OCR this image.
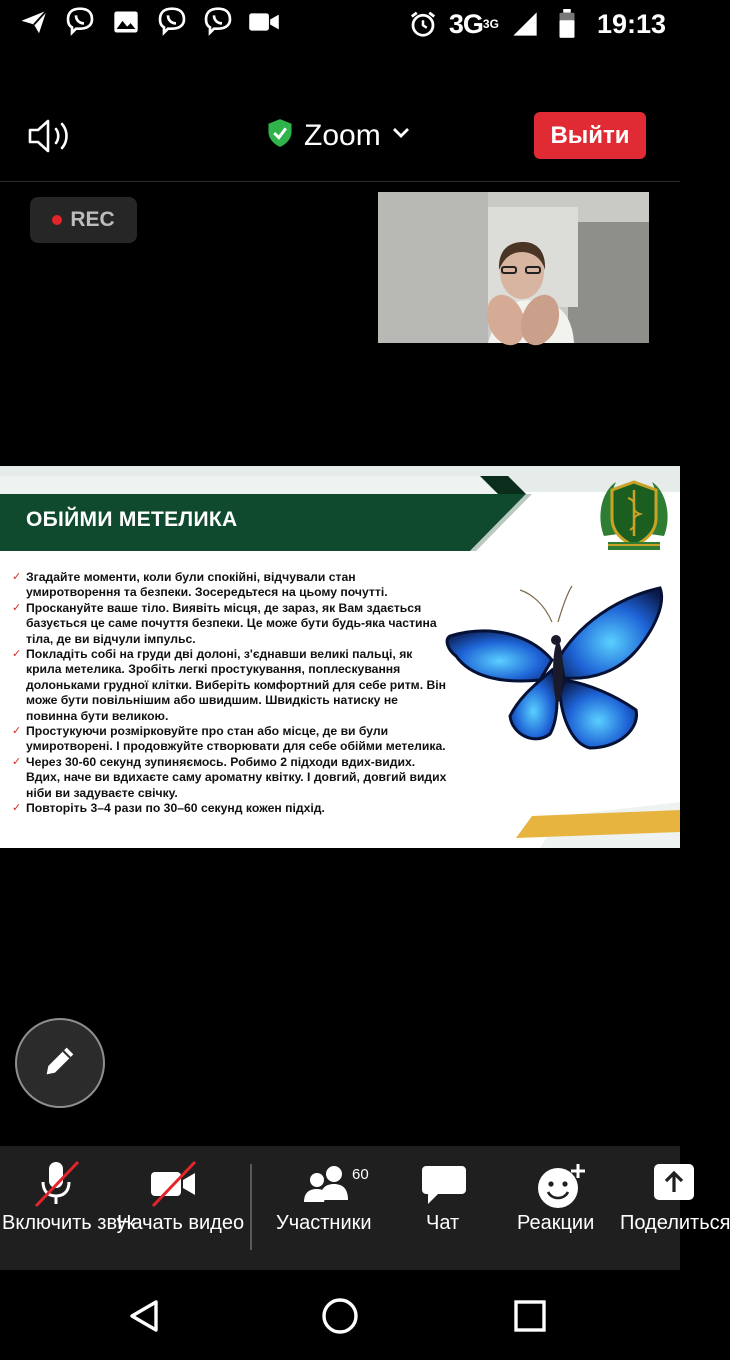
3G 3G	19:13
Zoom	Выйти
REC
ОБІЙМИ МЕТЕЛИКА
✓ Згадайте моменти, коли були спокійні, відчували стан умиротворення та безпеки. Зосередьтеся на цьому почутті.
✓ Проскануйте ваше тіло. Виявіть місця, де зараз, як Вам здається базується це саме почуття безпеки. Це може бути будь-яка частина тіла, де ви відчули імпульс.
✓ Покладіть собі на груди дві долоні, з'єднавши великі пальці, як крила метелика. Зробіть легкі простукування, поплескування долоньками грудної клітки. Виберіть комфортний для себе ритм. Він може бути повільнішим або швидшим. Швидкість натиску не повинна бути великою.
✓ Простукуючи розмірковуйте про стан або місце, де ви були умиротворені. І продовжуйте створювати для себе обійми метелика.
✓ Через 30-60 секунд зупиняємось. Робимо 2 підходи вдих-видих. Вдих, наче ви вдихаєте саму ароматну квітку. І довгий, довгий видих ніби ви задуваєте свічку.
✓ Повторіть 3–4 рази по 30–60 секунд кожен підхід.
Включить звук
Начать видео
60
Участники	Чат	Реакции Поделиться
